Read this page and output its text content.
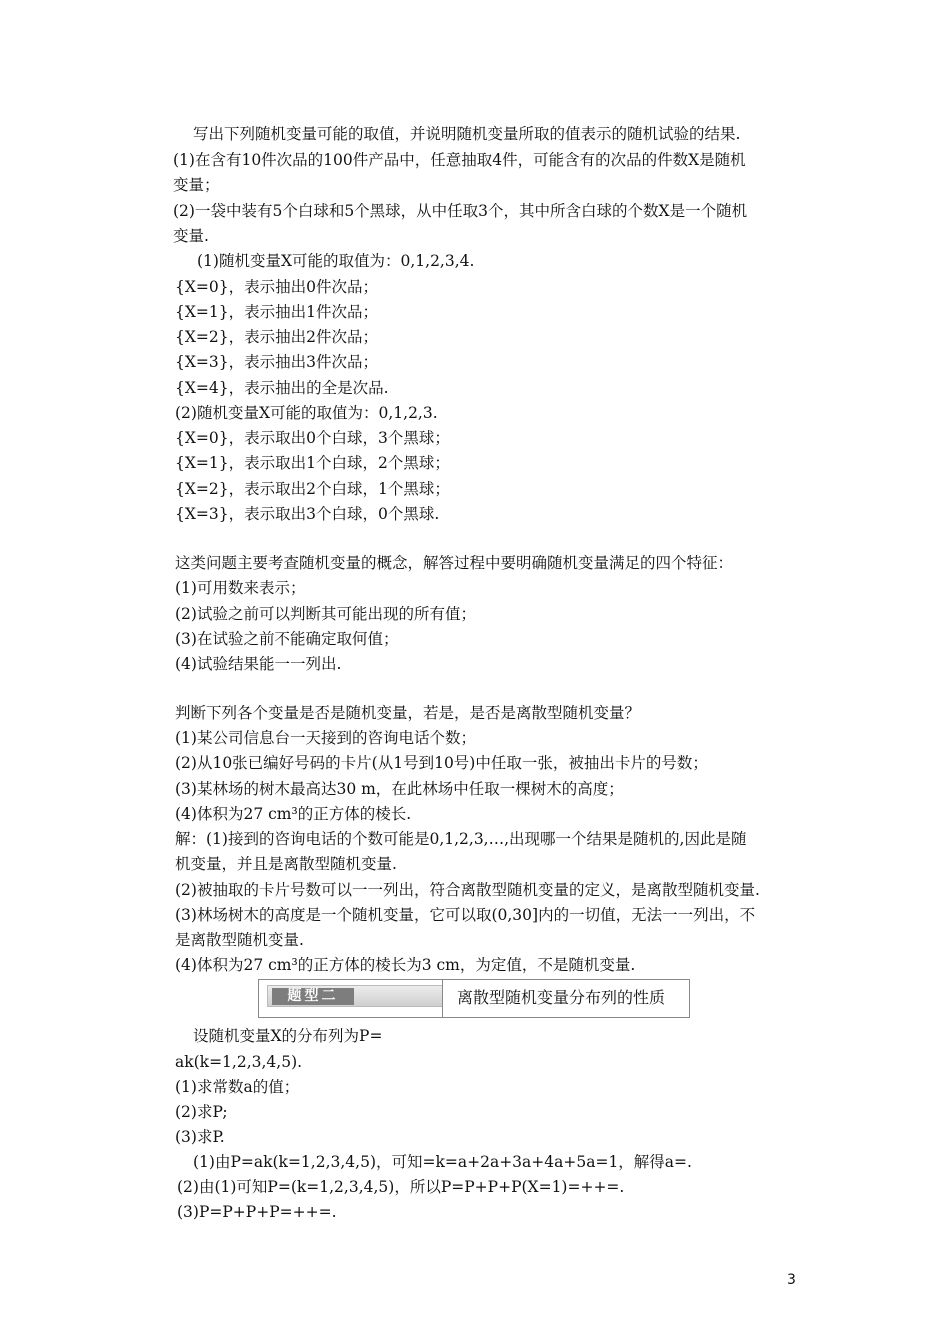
写出下列随机变量可能的取值，并说明随机变量所取的值表示的随机试验的结果.
(1)在含有10件次品的100件产品中，任意抽取4件，可能含有的次品的件数X是随机
变量；
(2)一袋中装有5个白球和5个黑球，从中任取3个，其中所含白球的个数X是一个随机
变量.
(1)随机变量X可能的取值为：0,1,2,3,4.
{X=0}，表示抽出0件次品；
{X=1}，表示抽出1件次品；
{X=2}，表示抽出2件次品；
{X=3}，表示抽出3件次品；
{X=4}，表示抽出的全是次品.
(2)随机变量X可能的取值为：0,1,2,3.
{X=0}，表示取出0个白球，3个黑球；
{X=1}，表示取出1个白球，2个黑球；
{X=2}，表示取出2个白球，1个黑球；
{X=3}，表示取出3个白球，0个黑球.
这类问题主要考查随机变量的概念，解答过程中要明确随机变量满足的四个特征：
(1)可用数来表示；
(2)试验之前可以判断其可能出现的所有值；
(3)在试验之前不能确定取何值；
(4)试验结果能一一列出.
判断下列各个变量是否是随机变量，若是，是否是离散型随机变量？
(1)某公司信息台一天接到的咨询电话个数；
(2)从10张已编好号码的卡片(从1号到10号)中任取一张，被抽出卡片的号数；
(3)某林场的树木最高达30 m，在此林场中任取一棵树木的高度；
(4)体积为27 cm³的正方体的棱长.
解：(1)接到的咨询电话的个数可能是0,1,2,3,…,出现哪一个结果是随机的,因此是随
机变量，并且是离散型随机变量.
(2)被抽取的卡片号数可以一一列出，符合离散型随机变量的定义，是离散型随机变量.
(3)林场树木的高度是一个随机变量，它可以取(0,30]内的一切值，无法一一列出，不
是离散型随机变量.
(4)体积为27 cm³的正方体的棱长为3 cm，为定值，不是随机变量.
设随机变量X的分布列为P=
ak(k=1,2,3,4,5).
(1)求常数a的值；
(2)求P;
(3)求P.
(1)由P=ak(k=1,2,3,4,5)，可知=k=a+2a+3a+4a+5a=1，解得a=.
(2)由(1)可知P=(k=1,2,3,4,5)，所以P=P+P+P(X=1)=++=.
(3)P=P+P+P=++=.
题型二	离散型随机变量分布列的性质
3
